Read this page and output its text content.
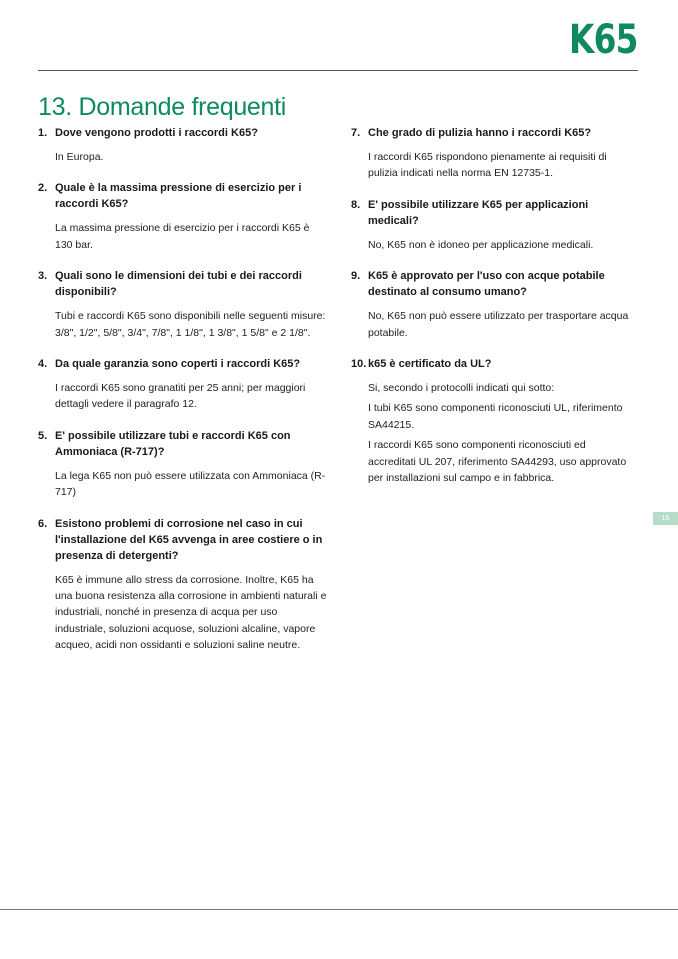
K65
13. Domande frequenti
1. Dove vengono prodotti i raccordi K65?

In Europa.

2. Quale è la massima pressione di esercizio per i raccordi K65?

La massima pressione di esercizio per i raccordi K65 è 130 bar.

3. Quali sono le dimensioni dei tubi e dei raccordi disponibili?

Tubi e raccordi K65 sono disponibili nelle seguenti misure: 3/8", 1/2", 5/8", 3/4", 7/8", 1 1/8", 1 3/8", 1 5/8" e 2 1/8".

4. Da quale garanzia sono coperti i raccordi K65?

I raccordi K65 sono granatiti per 25 anni; per maggiori dettagli vedere il paragrafo 12.

5. E' possibile utilizzare tubi e raccordi K65 con Ammoniaca (R-717)?

La lega K65 non può essere utilizzata con Ammoniaca (R-717)

6. Esistono problemi di corrosione nel caso in cui l'installazione del K65 avvenga in aree costiere o in presenza di detergenti?

K65 è immune allo stress da corrosione. Inoltre, K65 ha una buona resistenza alla corrosione in ambienti naturali e industriali, nonché in presenza di acqua per uso industriale, soluzioni acquose, soluzioni alcaline, vapore acqueo, acidi non ossidanti e soluzioni saline neutre.

7. Che grado di pulizia hanno i raccordi K65?

I raccordi K65 rispondono pienamente ai requisiti di pulizia indicati nella norma EN 12735-1.

8. E' possibile utilizzare K65 per applicazioni medicali?

No, K65 non è idoneo per applicazione medicali.

9. K65 è approvato per l'uso con acque potabile destinato al consumo umano?

No, K65 non può essere utilizzato per trasportare acqua potabile.

10. k65 è certificato da UL?

Si, secondo i protocolli indicati qui sotto:

I tubi K65 sono componenti riconosciuti UL, riferimento SA44215.

I raccordi K65 sono componenti riconosciuti ed accreditati UL 207, riferimento SA44293, uso approvato per installazioni sul campo e in fabbrica.

15
